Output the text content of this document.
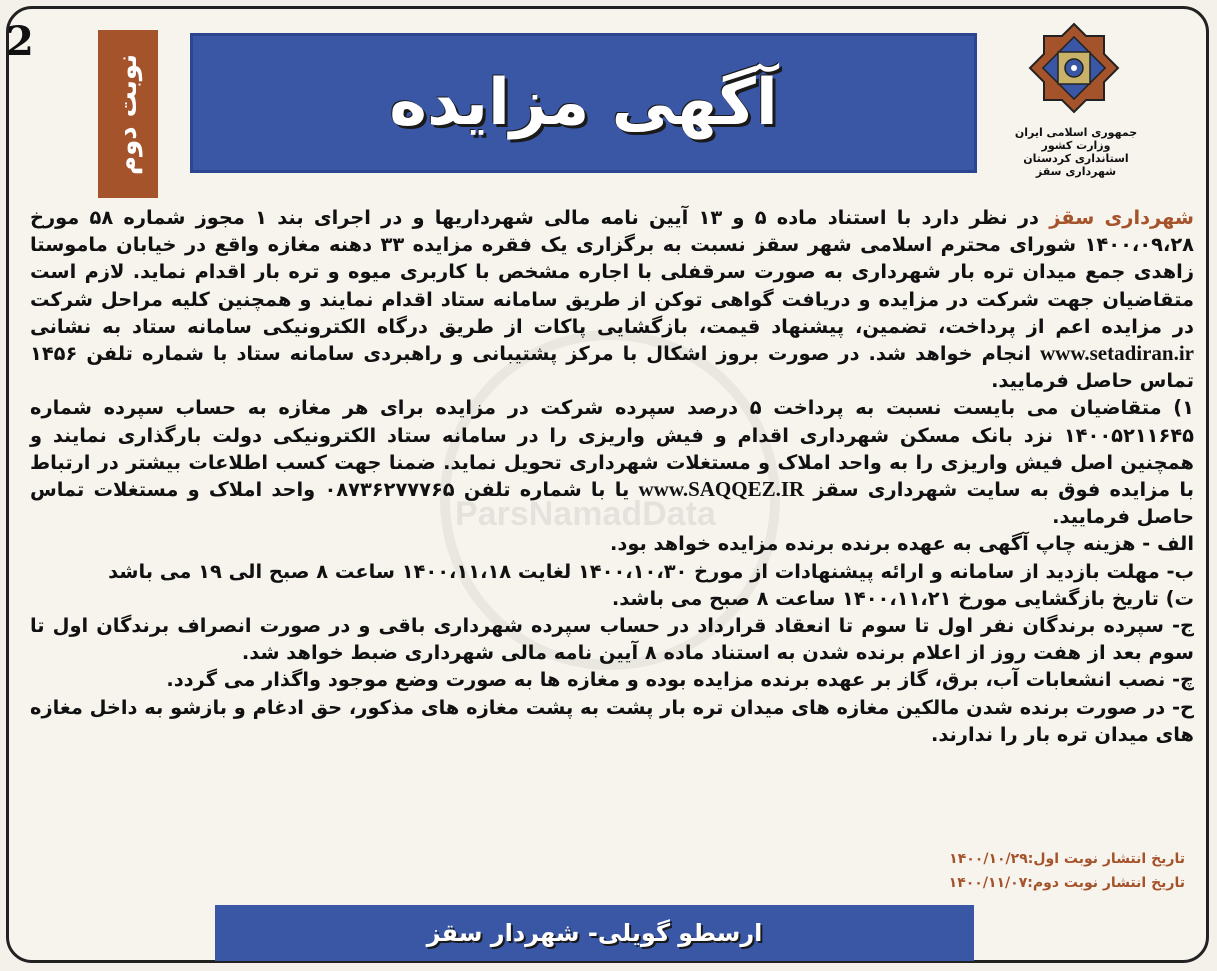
2
ParsNamadData
نوبت دوم	آگهی مزایده	جمهوری اسلامی ایران
وزارت کشور
استانداری کردستان
شهرداری سقز

شهرداری سقز در نظر دارد با استناد ماده ۵ و ۱۳ آیین نامه مالی شهرداریها و در اجرای بند ۱ مجوز شماره ۵۸ مورخ ۱۴۰۰،۰۹،۲۸ شورای محترم اسلامی شهر سقز نسبت به برگزاری یک فقره مزایده ۳۳ دهنه مغازه واقع در خیابان ماموستا زاهدی جمع میدان تره بار شهرداری به صورت سرقفلی با اجاره مشخص با کاربری میوه و تره بار اقدام نماید. لازم است متقاضیان جهت شرکت در مزایده و دریافت گواهی توکن از طریق سامانه ستاد اقدام نمایند و همچنین کلیه مراحل شرکت در مزایده اعم از پرداخت، تضمین، پیشنهاد قیمت، بازگشایی پاکات از طریق درگاه الکترونیکی سامانه ستاد به نشانی www.setadiran.ir انجام خواهد شد. در صورت بروز اشکال با مرکز پشتیبانی و راهبردی سامانه ستاد با شماره تلفن ۱۴۵۶ تماس حاصل فرمایید.

۱) متقاضیان می بایست نسبت به پرداخت ۵ درصد سپرده شرکت در مزایده برای هر مغازه به حساب سپرده شماره ۱۴۰۰۵۲۱۱۶۴۵ نزد بانک مسکن شهرداری اقدام و فیش واریزی را در سامانه ستاد الکترونیکی دولت بارگذاری نمایند و همچنین اصل فیش واریزی را به واحد املاک و مستغلات شهرداری تحویل نماید. ضمنا جهت کسب اطلاعات بیشتر در ارتباط با مزایده فوق به سایت شهرداری سقز www.SAQQEZ.IR یا با شماره تلفن ۰۸۷۳۶۲۷۷۷۶۵ واحد املاک و مستغلات تماس حاصل فرمایید.

الف - هزینه چاپ آگهی به عهده برنده برنده مزایده خواهد بود.

ب- مهلت بازدید از سامانه و ارائه پیشنهادات از مورخ ۱۴۰۰،۱۰،۳۰ لغایت ۱۴۰۰،۱۱،۱۸ ساعت ۸ صبح الی ۱۹ می باشد

ت) تاریخ بازگشایی مورخ ۱۴۰۰،۱۱،۲۱ ساعت ۸ صبح می باشد.

ج- سپرده برندگان نفر اول تا سوم تا انعقاد قرارداد در حساب سپرده شهرداری باقی و در صورت انصراف برندگان اول تا سوم بعد از هفت روز از اعلام برنده شدن به استناد ماده ۸ آیین نامه مالی شهرداری ضبط خواهد شد.

چ- نصب انشعابات آب، برق، گاز بر عهده برنده مزایده بوده و مغازه ها به صورت وضع موجود واگذار می گردد.

ح- در صورت برنده شدن مالکین مغازه های میدان تره بار پشت به پشت مغازه های مذکور، حق ادغام و بازشو به داخل مغازه های میدان تره بار را ندارند.

تاریخ انتشار نوبت اول:۱۴۰۰/۱۰/۲۹
تاریخ انتشار نوبت دوم:۱۴۰۰/۱۱/۰۷
ارسطو گویلی- شهردار سقز
